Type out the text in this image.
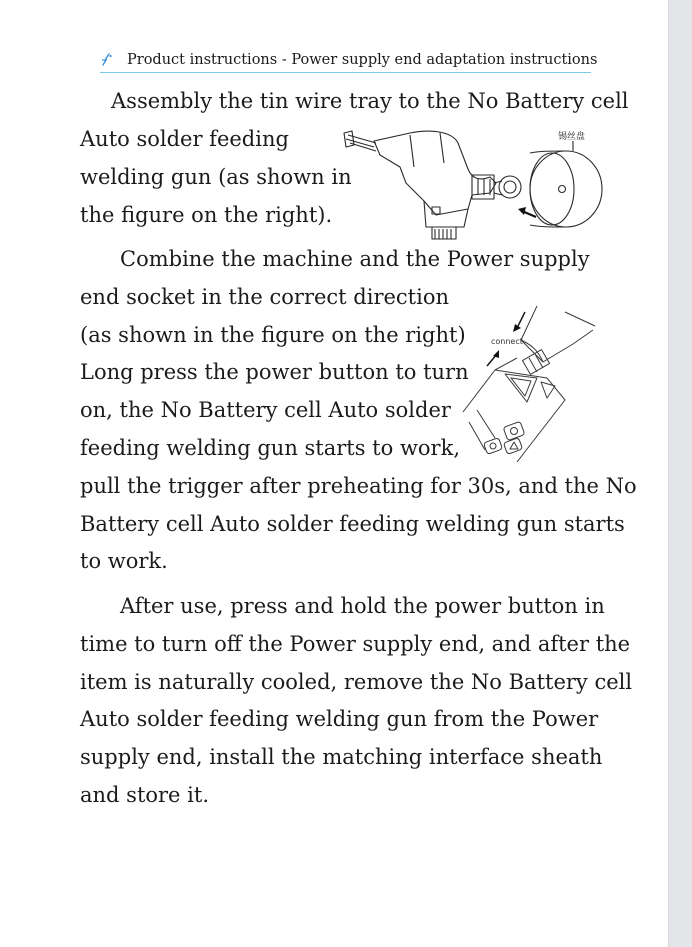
Product instructions - Power supply end adaptation instructions
Assembly the tin wire tray to the No Battery cell
Auto solder feeding
welding gun (as shown in
the figure on the right).
锡丝盘
Combine the machine and the Power supply
end socket in the correct direction
(as shown in the figure on the right)
Long press the power button to turn
on, the No Battery cell Auto solder
feeding welding gun starts to work,
pull the trigger after preheating for 30s, and the No
Battery cell Auto solder feeding welding gun starts
to work.
connect
After use, press and hold the power button in
time to turn off the Power supply end, and after the
item is naturally cooled, remove the No Battery cell
Auto solder feeding welding gun from the Power
supply end, install the matching interface sheath
and store it.
